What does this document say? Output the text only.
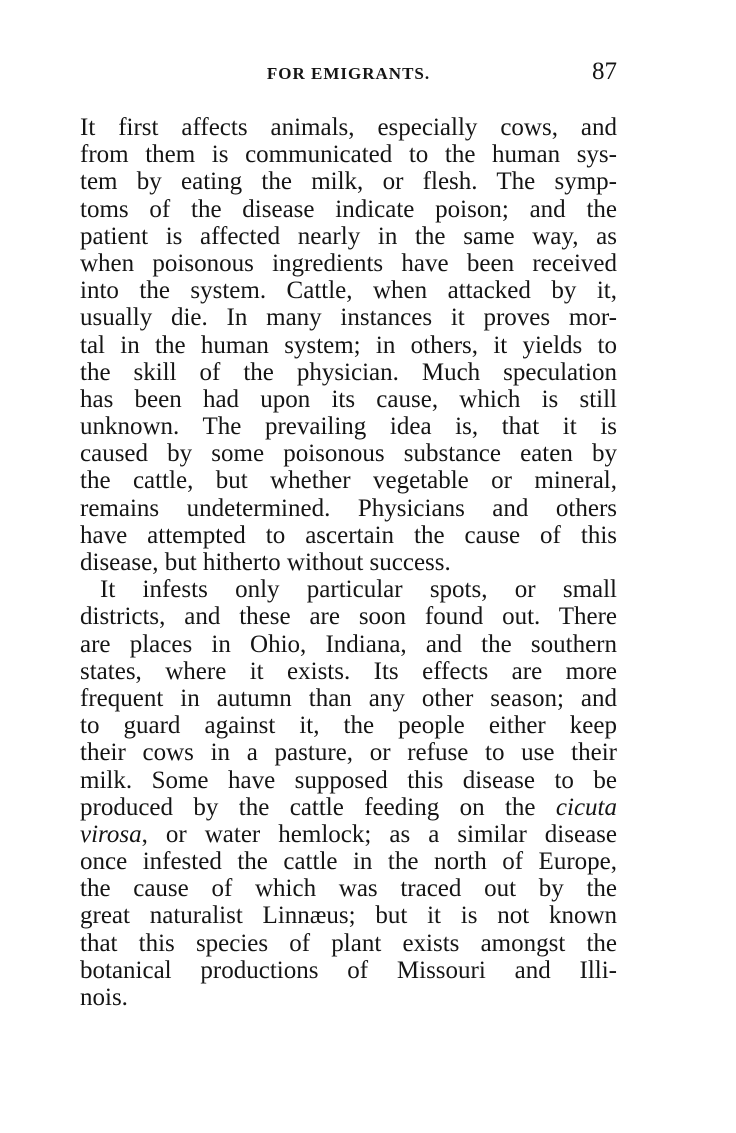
FOR EMIGRANTS.	87
It first affects animals, especially cows, and
from them is communicated to the human sys-
tem by eating the milk, or flesh. The symp-
toms of the disease indicate poison; and the
patient is affected nearly in the same way, as
when poisonous ingredients have been received
into the system. Cattle, when attacked by it,
usually die. In many instances it proves mor-
tal in the human system; in others, it yields to
the skill of the physician. Much speculation
has been had upon its cause, which is still
unknown. The prevailing idea is, that it is
caused by some poisonous substance eaten by
the cattle, but whether vegetable or mineral,
remains undetermined. Physicians and others
have attempted to ascertain the cause of this
disease, but hitherto without success.
It infests only particular spots, or small
districts, and these are soon found out. There
are places in Ohio, Indiana, and the southern
states, where it exists. Its effects are more
frequent in autumn than any other season; and
to guard against it, the people either keep
their cows in a pasture, or refuse to use their
milk. Some have supposed this disease to be
produced by the cattle feeding on the cicuta
virosa, or water hemlock; as a similar disease
once infested the cattle in the north of Europe,
the cause of which was traced out by the
great naturalist Linnæus; but it is not known
that this species of plant exists amongst the
botanical productions of Missouri and Illi-
nois.
